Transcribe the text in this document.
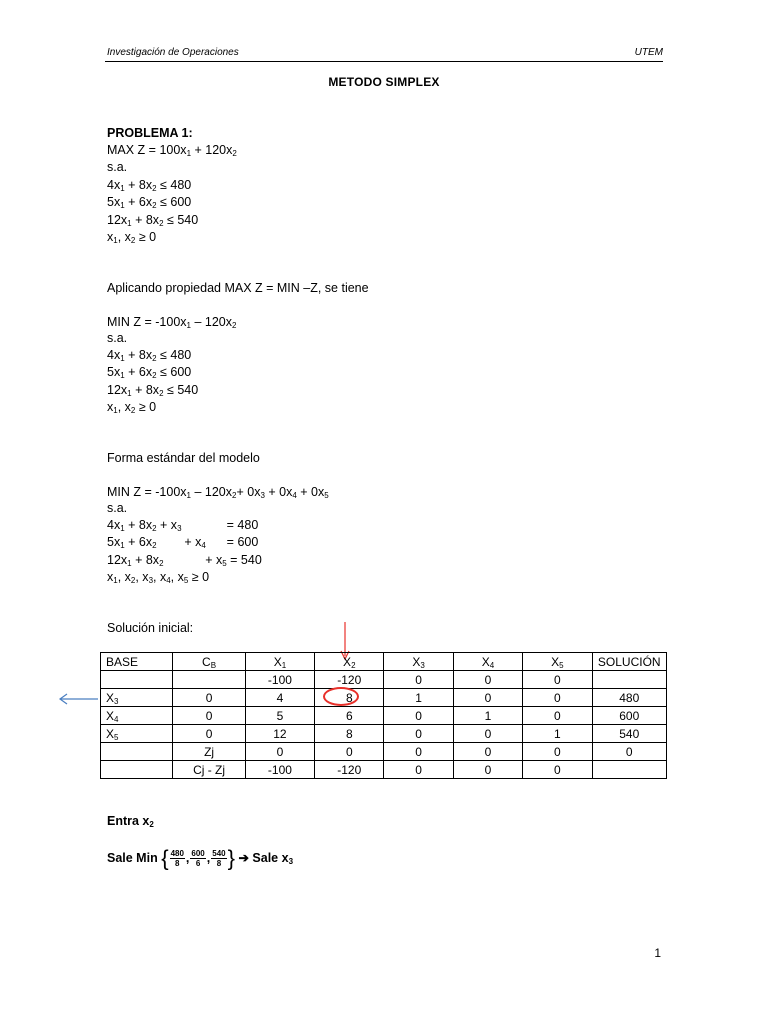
Investigación de Operaciones	UTEM
METODO SIMPLEX
PROBLEMA 1:
MAX $Z = 100x_1 + 120x_2$
s.a.
$4x_1 + 8x_2 \le 480$
$5x_1 + 6x_2 \le 600$
$12x_1 + 8x_2 \le 540$
$x_1$, $x_2 \ge 0$
Aplicando propiedad MAX Z = MIN –Z, se tiene
MIN $Z = -100x_1 - 120x_2$
s.a.
$4x_1 + 8x_2 \le 480$
$5x_1 + 6x_2 \le 600$
$12x_1 + 8x_2 \le 540$
$x_1$, $x_2 \ge 0$
Forma estándar del modelo
MIN $Z = -100x_1 - 120x_2+ 0x_3 + 0x_4 + 0x_5$
s.a.
$4x_1 + 8x_2 + x_3$             = 480
$5x_1 + 6x_2$        + $x_4$      = 600
$12x_1 + 8x_2$            + $x_5 = 540$
$x_1$, $x_2$, $x_3$, $x_4$, $x_5 \ge 0$
Solución inicial:
BASE	$C_B$	$X_1$	$X_2$	$X_3$	$X_4$	$X_5$	SOLUCIÓN
		-100	-120	0	0	0	
$X_3$	0	4	8	1	0	0	480
$X_4$	0	5	6	0	1	0	600
$X_5$	0	12	8	0	0	1	540
	Zj	0	0	0	0	0	0
	Cj - Zj	-100	-120	0	0	0	
Entra $x_2$
Sale Min { $\frac{480}{8}$ , $\frac{600}{6}$ , $\frac{540}{8}$ } ➔ Sale $x_3$
1
